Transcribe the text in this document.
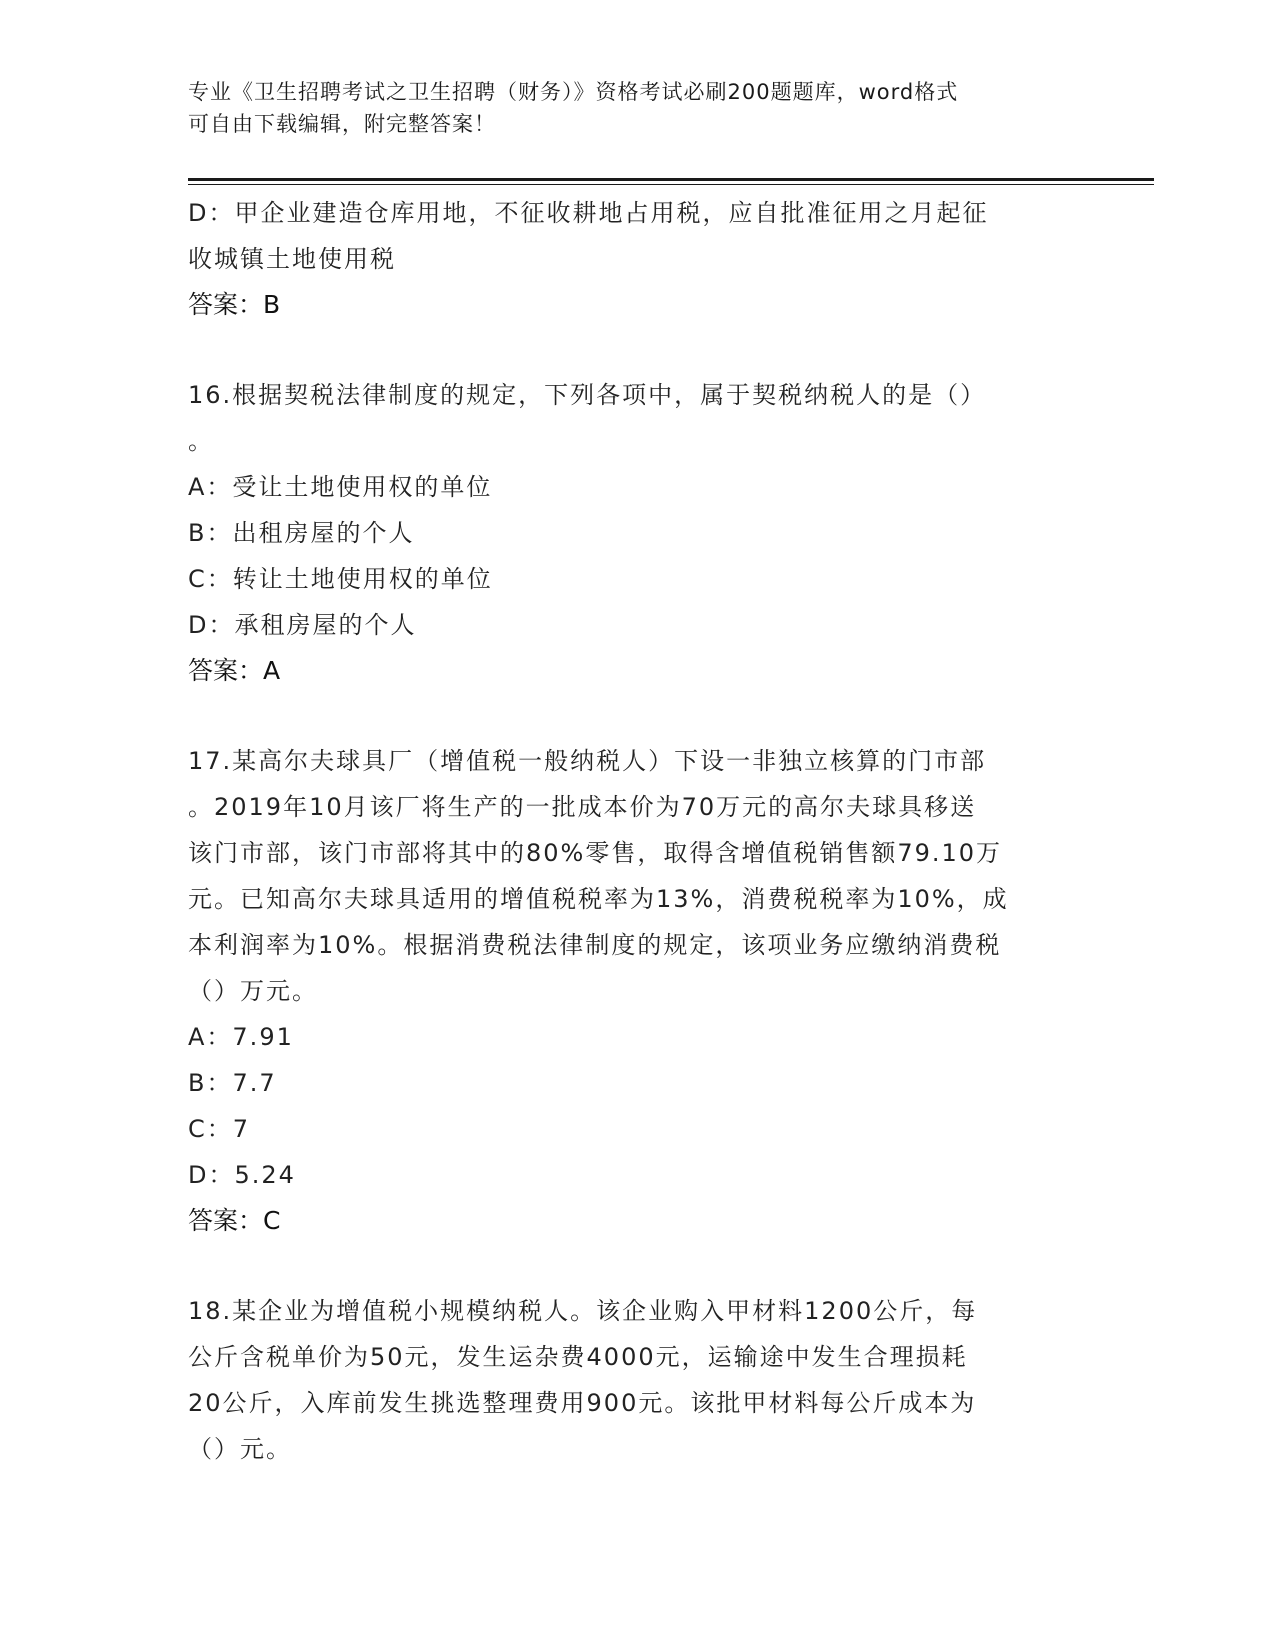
专业《卫生招聘考试之卫生招聘（财务）》资格考试必刷200题题库，word格式
可自由下载编辑，附完整答案！
D：甲企业建造仓库用地，不征收耕地占用税，应自批准征用之月起征
收城镇土地使用税
答案：B
16.根据契税法律制度的规定，下列各项中，属于契税纳税人的是（）
。
A：受让土地使用权的单位
B：出租房屋的个人
C：转让土地使用权的单位
D：承租房屋的个人
答案：A
17.某高尔夫球具厂（增值税一般纳税人）下设一非独立核算的门市部
。2019年10月该厂将生产的一批成本价为70万元的高尔夫球具移送
该门市部，该门市部将其中的80%零售，取得含增值税销售额79.10万
元。已知高尔夫球具适用的增值税税率为13%，消费税税率为10%，成
本利润率为10%。根据消费税法律制度的规定，该项业务应缴纳消费税
（）万元。
A：7.91
B：7.7
C：7
D：5.24
答案：C
18.某企业为增值税小规模纳税人。该企业购入甲材料1200公斤，每
公斤含税单价为50元，发生运杂费4000元，运输途中发生合理损耗
20公斤，入库前发生挑选整理费用900元。该批甲材料每公斤成本为
（）元。
